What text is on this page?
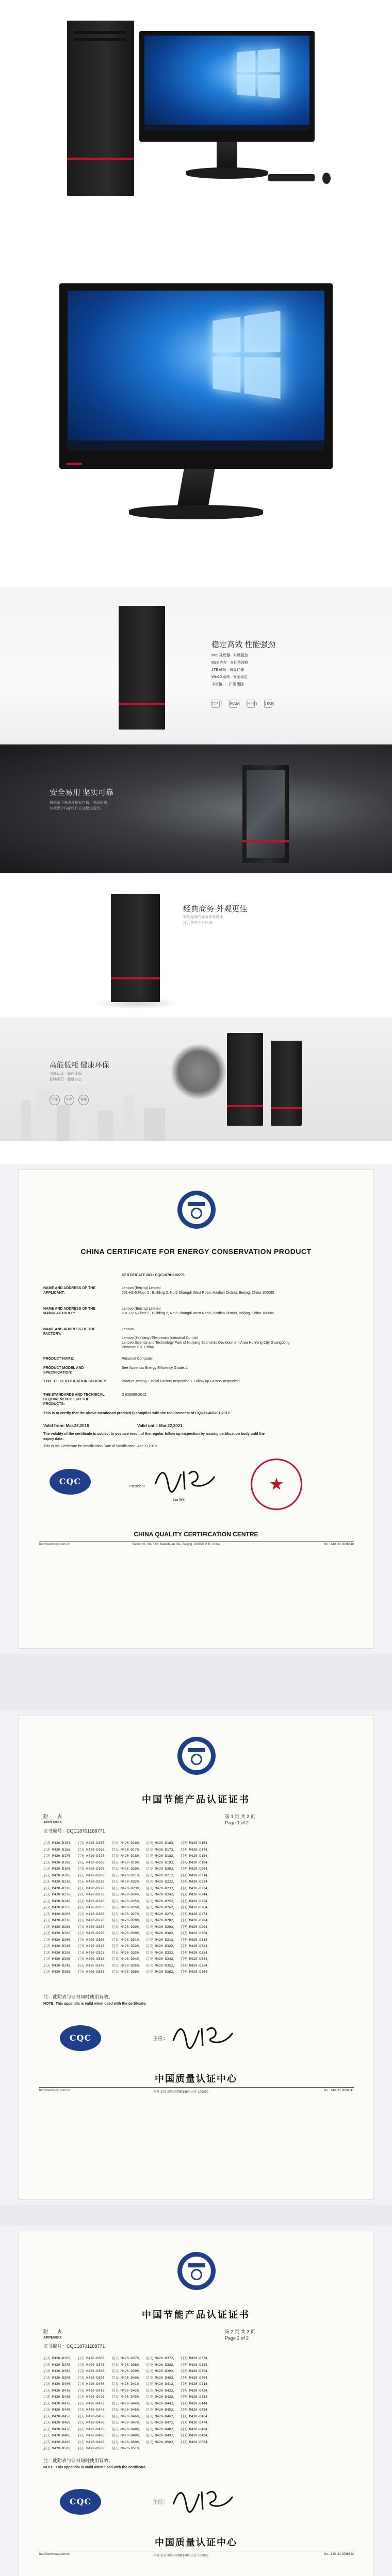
稳定高效 性能强劲
Intel 处理器 · 升级强劲
8GB 内存 · 多任务流畅
1TB 硬盘 · 海量存储
Win10 系统 · 安全稳定
丰富接口 · 扩展便捷
CPU RAM HDD USB
安全易用 坚实可靠
机箱采用高强度钢板打造，坚固耐用，
有效保护内部组件安全稳定运行。
经典商务 外观更佳
简约经典的商务外观设计，
适合各类办公环境。
高能低耗 健康环保
节能认证 · 绿色环保
低噪运行 · 健康办公
节能	环保	低噪
CHINA CERTIFICATE FOR ENERGY CONSERVATION PRODUCT
CERTIFICATE NO.: CQC18701188771
NAME AND ADDRESS OF THE APPLICANT:
Lenovo (Beijing) Limited
201-H2-6,Floor 2 , Building 2, No.6 Shangdi West Road, Haidian District, Beijing, China 100085
NAME AND ADDRESS OF THE MANUFACTURER:
Lenovo (Beijing) Limited
201-H2-6,Floor 2 , Building 2, No.6 Shangdi West Road, Haidian District, Beijing, China 100085
NAME AND ADDRESS OF THE FACTORY:
Lenovo
Lenovo (HuiYang) Electronics Industrial Co.,Ltd
Lenovo Science and Technology Park of Huiyang Economic Development Area HuiYang City Guangdong Province P.R. China
PRODUCT NAME:	Personal Computer
PRODUCT MODEL AND SPECIFICATION:
See Appendix Energy Efficiency Grade: 1
TYPE OF CERTIFICATION SCHEMES:	Product Testing + Initial Factory Inspection + Follow up Factory Inspection
THE STANDARDS AND TECHNICAL REQUIREMENTS FOR THE PRODUCTS:
GB28380-2012
This is to certify that the above mentioned product(s) complies with the requirements of CQC31-465201-2012.
Valid from: Mar.22,2018	Valid until: Mar.22,2021
The validity of the certificate is subject to positive result of the regular follow up inspection by issuing certification body until the expiry date.
This is the Certificate for Modification,Date of Modification: Apr.03,2018
CQC
President
Liu Wei
CHINA QUALITY CERTIFICATION CENTRE
http://www.cqc.com.cn	Section 9 , No. 188, Nansihuan Xilu, Beijing, 100070 P. R. China	No.: 140. 31 0086640
中国节能产品认证证书
附　　表
APPENDIX
第 1 页 共 2 页
Page 1 of 2
证书编号：CQC18701188771
启天 M420-D153，  启天 M420-D155，  启天 M420-D160，  启天 M420-D162，  启天 M420-D164，
启天 M420-D166，  启天 M420-D168，  启天 M420-D170，  启天 M420-D172，  启天 M420-D174，
启天 M420-D176，  启天 M420-D178，  启天 M420-D180，  启天 M420-D182，  启天 M420-D184，
启天 M420-D186，  启天 M420-D188，  启天 M420-D190，  启天 M420-D192，  启天 M420-D194，
启天 M420-D196，  启天 M420-D198，  启天 M420-D200，  启天 M420-D202，  启天 M420-D204，
启天 M420-D206，  启天 M420-D208，  启天 M420-D210，  启天 M420-D212，  启天 M420-D214，
启天 M420-D216，  启天 M420-D218，  启天 M420-D220，  启天 M420-D222，  启天 M420-D224，
启天 M420-D226，  启天 M420-D228，  启天 M420-D230，  启天 M420-D232，  启天 M420-D234，
启天 M420-D236，  启天 M420-D238，  启天 M420-D240，  启天 M420-D242，  启天 M420-D244，
启天 M420-D246，  启天 M420-D248，  启天 M420-D250，  启天 M420-D252，  启天 M420-D254，
启天 M420-D256，  启天 M420-D258，  启天 M420-D260，  启天 M420-D262，  启天 M420-D264，
启天 M420-D266，  启天 M420-D268，  启天 M420-D270，  启天 M420-D272，  启天 M420-D274，
启天 M420-D276，  启天 M420-D278，  启天 M420-D280，  启天 M420-D282，  启天 M420-D284，
启天 M420-D286，  启天 M420-D288，  启天 M420-D290，  启天 M420-D292，  启天 M420-D294，
启天 M420-D296，  启天 M420-D298，  启天 M420-D300，  启天 M420-D302，  启天 M420-D304，
启天 M420-D306，  启天 M420-D308，  启天 M420-D310，  启天 M420-D312，  启天 M420-D314，
启天 M420-D316，  启天 M420-D318，  启天 M420-D320，  启天 M420-D322，  启天 M420-D324，
启天 M420-D326，  启天 M420-D328，  启天 M420-D330，  启天 M420-D332，  启天 M420-D334，
启天 M420-D336，  启天 M420-D338，  启天 M420-D340，  启天 M420-D342，  启天 M420-D344，
启天 M420-D346，  启天 M420-D348，  启天 M420-D350，  启天 M420-D352，  启天 M420-D354，
启天 M420-D356，  启天 M420-D358，  启天 M420-D360，  启天 M420-D362，  启天 M420-D364，
注：此附表与证书同时使用有效。
NOTE: This appendix is valid when used with the certificate.
CQC	主任：
中国质量认证中心
http://www.cqc.com.cn	中国·北京·南四环西路188号九区 100070	No.: 140. 31 0086641
中国节能产品认证证书
附　　表
APPENDIX
第 2 页 共 2 页
Page 2 of 2
证书编号：CQC18701188771
启天 M420-D366，  启天 M420-D368，  启天 M420-D370，  启天 M420-D372，  启天 M420-D374，
启天 M420-D376，  启天 M420-D378，  启天 M420-D380，  启天 M420-D382，  启天 M420-D384，
启天 M420-D386，  启天 M420-D388，  启天 M420-D390，  启天 M420-D392，  启天 M420-D394，
启天 M420-D396，  启天 M420-D398，  启天 M420-D400，  启天 M420-D402，  启天 M420-D404，
启天 M420-D406，  启天 M420-D408，  启天 M420-D410，  启天 M420-D412，  启天 M420-D414，
启天 M420-D416，  启天 M420-D418，  启天 M420-D420，  启天 M420-D422，  启天 M420-D424，
启天 M420-D426，  启天 M420-D428，  启天 M420-D430，  启天 M420-D432，  启天 M420-D434，
启天 M420-D436，  启天 M420-D438，  启天 M420-D440，  启天 M420-D442，  启天 M420-D444，
启天 M420-D446，  启天 M420-D448，  启天 M420-D450，  启天 M420-D452，  启天 M420-D454，
启天 M420-D456，  启天 M420-D458，  启天 M420-D460，  启天 M420-D462，  启天 M420-D464，
启天 M420-D466，  启天 M420-D468，  启天 M420-D470，  启天 M420-D472，  启天 M420-D474，
启天 M420-D476，  启天 M420-D478，  启天 M420-D480，  启天 M420-D482，  启天 M420-D484，
启天 M420-D486，  启天 M420-D488，  启天 M420-D490，  启天 M420-D492，  启天 M420-D494，
启天 M420-D496，  启天 M420-D498，  启天 M420-D500，  启天 M420-D502，  启天 M420-D504，
启天 M420-D506，  启天 M420-D508，  启天 M420-D510，
注：此附表与证书同时使用有效。
NOTE: This appendix is valid when used with the certificate.
CQC	主任：
中国质量认证中心
http://www.cqc.com.cn	中国·北京·南四环西路188号九区 100070	No.: 140. 31 0086642
